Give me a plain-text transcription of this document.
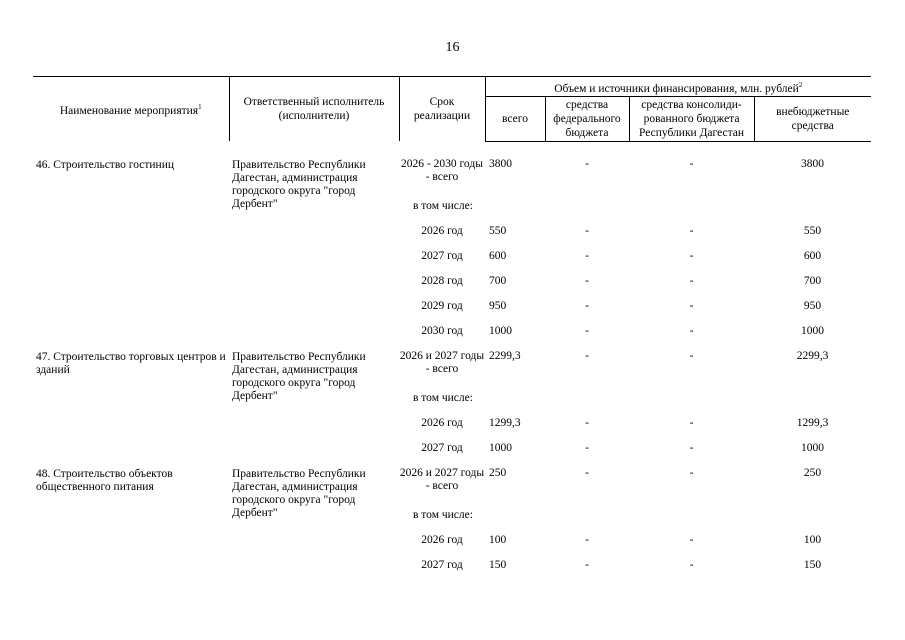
16
Наименование мероприятия$^1$	Ответственный исполнитель (исполнители)	Срок реализации	Объем и источники финансирования, млн. рублей$^2$
			всего	средства федерального бюджета	средства консолиди-рованного бюджета Республики Дагестан	внебюджетные средства

46. Строительство гостиниц	Правительство Республики Дагестан, администрация городского округа "город Дербент"	2026 - 2030 годы - всего	3800	-	-	3800
		в том числе:				
		2026 год	550	-	-	550
		2027 год	600	-	-	600
		2028 год	700	-	-	700
		2029 год	950	-	-	950
		2030 год	1000	-	-	1000
47. Строительство торговых центров и зданий	Правительство Республики Дагестан, администрация городского округа "город Дербент"	2026 и 2027 годы - всего	2299,3	-	-	2299,3
		в том числе:				
		2026 год	1299,3	-	-	1299,3
		2027 год	1000	-	-	1000
48. Строительство объектов общественного питания	Правительство Республики Дагестан, администрация городского округа "город Дербент"	2026 и 2027 годы - всего	250	-	-	250
		в том числе:				
		2026 год	100	-	-	100
		2027 год	150	-	-	150
